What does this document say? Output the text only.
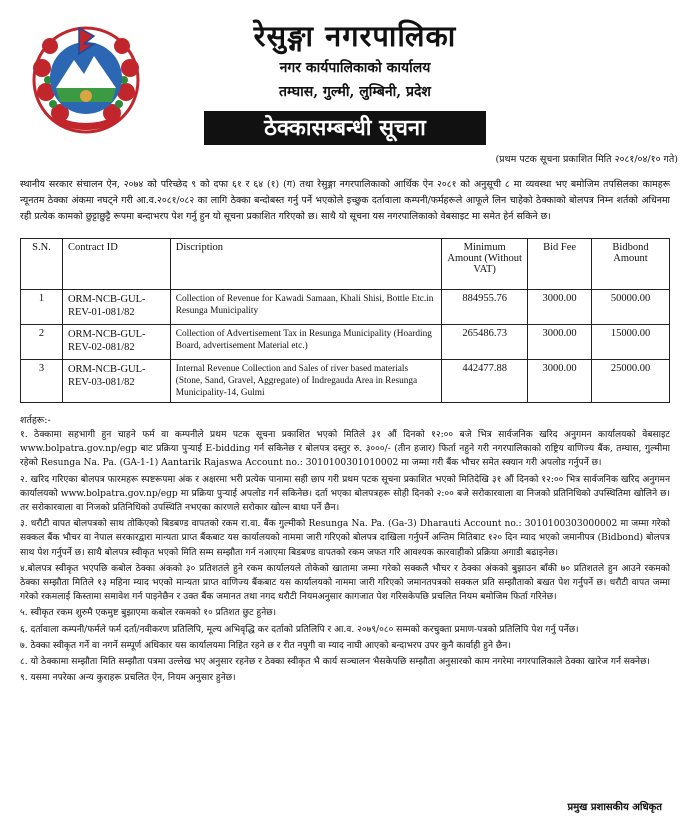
रेसुङ्गा नगरपालिका
नगर कार्यपालिकाको कार्यालय
तम्घास, गुल्मी, लुम्बिनी, प्रदेश
ठेक्कासम्बन्धी सूचना
(प्रथम पटक सूचना प्रकाशित मिति २०८१/०४/१० गते)

स्थानीय सरकार संचालन ऐन, २०७४ को परिच्छेद ९ को दफा ६१ र ६४ (१) (ग) तथा रेसुङ्गा नगरपालिकाको आर्थिक ऐन २०८१ को अनुसूची ८ मा व्यवस्था भए बमोजिम तपसिलका कामहरू न्यूनतम ठेक्का अंकमा नघट्ने गरी आ.व.२०८१/०८२ का लागि ठेक्का बन्दोबस्त गर्नु पर्ने भएकोले इच्छुक दर्तावाला कम्पनी/फर्महरूले आफूले लिन चाहेको ठेक्काको बोलपत्र निम्न शर्तको अधिनमा रही प्रत्येक कामको छुट्टाछुट्टै रूपमा बन्दाभरप पेश गर्नु हुन यो सूचना प्रकाशित गरिएको छ। साथै यो सूचना यस नगरपालिकाको वेबसाइट मा समेत हेर्न सकिने छ।

S.N.	Contract ID	Discription	Minimum Amount (Without VAT)	Bid Fee	Bidbond Amount
1	ORM-NCB-GUL-REV-01-081/82	Collection of Revenue for Kawadi Samaan, Khali Shisi, Bottle Etc.in Resunga Municipality	884955.76	3000.00	50000.00
2	ORM-NCB-GUL-REV-02-081/82	Collection of Advertisement Tax in Resunga Municipality (Hoarding Board, advertisement Material etc.)	265486.73	3000.00	15000.00
3	ORM-NCB-GUL-REV-03-081/82	Internal Revenue Collection and Sales of river based materials (Stone, Sand, Gravel, Aggregate) of Indregauda Area in Resunga Municipality-14, Gulmi	442477.88	3000.00	25000.00
शर्तहरू:-
१. ठेक्कामा सहभागी हुन चाहने फर्म वा कम्पनीले प्रथम पटक सूचना प्रकाशित भएको मितिले ३१ औं दिनको १२:०० बजे भित्र सार्वजनिक खरिद अनुगमन कार्यालयको वेबसाइट www.bolpatra.gov.np/egp बाट प्रक्रिया पुऱ्याई E-bidding गर्न सकिनेछ र बोलपत्र दस्तुर रु. ३०००/- (तीन हजार) फिर्ता नहुने गरी नगरपालिकाको राष्ट्रिय वाणिज्य बैंक, तम्घास, गुल्मीमा रहेको Resunga Na. Pa. (GA-1-1) Aantarik Rajaswa Account no.: 3010100301010002 मा जम्मा गरी बैंक भौचर समेत स्क्यान गरी अपलोड गर्नुपर्ने छ।
२. खरिद गरिएका बोलपत्र फारमहरू स्पष्टरूपमा अंक र अक्षरमा भरी प्रत्येक पानामा सही छाप गरी प्रथम पटक सूचना प्रकाशित भएको मितिदेखि ३१ औं दिनको १२:०० भित्र सार्वजनिक खरिद अनुगमन कार्यालयको www.bolpatra.gov.np/egp मा प्रक्रिया पुऱ्याई अपलोड गर्न सकिनेछ। दर्ता भएका बोलपत्रहरू सोही दिनको २:०० बजे सरोकारवाला वा निजको प्रतिनिधिको उपस्थितिमा खोलिने छ। तर सरोकारवाला वा निजको प्रतिनिधिको उपस्थिति नभएका कारणले सरोकार खोल्न बाधा पर्ने छैन।
३. धरौटी वापत बोलपत्रको साथ तोकिएको बिडबण्ड वापतको रकम रा.वा. बैंक गुल्मीको Resunga Na. Pa. (Ga-3) Dharauti Account no.: 3010100303000002 मा जम्मा गरेको सक्कल बैंक भौचर वा नेपाल सरकारद्वारा मान्यता प्राप्त बैंकबाट यस कार्यालयको नाममा जारी गरिएको बोलपत्र दाखिला गर्नुपर्ने अन्तिम मितिबाट १२० दिन म्याद भएको जमानीपत्र (Bidbond) बोलपत्र साथ पेश गर्नुपर्ने छ। साथै बोलपत्र स्वीकृत भएको मिति सम्म सम्झौता गर्न नआएमा बिडबण्ड वापतको रकम जफत गरि आवश्यक कारवाहीको प्रक्रिया अगाडी बढाइनेछ।
४.बोलपत्र स्वीकृत भएपछि कबोल ठेक्का अंकको ३० प्रतिशतले हुने रकम कार्यालयले तोकेको खातामा जम्मा गरेको सक्कलै भौचर र ठेक्का अंकको बुझाउन बाँकी ७० प्रतिशतले हुन आउने रकमको ठेक्का सम्झौता मितिले १३ महिना म्याद भएको मान्यता प्राप्त वाणिज्य बैंकबाट यस कार्यालयको नाममा जारी गरिएको जमानतपत्रको सक्कल प्रति सम्झौताको बखत पेश गर्नुपर्ने छ। धरौटी वापत जम्मा गरेको रकमलाई किस्तामा समावेश गर्न पाइनेछैन र उक्त बैंक जमानत तथा नगद धरौटी नियमअनुसार कागजात पेश गरिसकेपछि प्रचलित नियम बमोजिम फिर्ता गरिनेछ।
५. स्वीकृत रकम शुरुमै एकमुष्ट बुझाएमा कबोल रकमको १० प्रतिशत छुट हुनेछ।
६. दर्तावाला कम्पनी/फर्मले फर्म दर्ता/नवीकरण प्रतिलिपि, मूल्य अभिवृद्धि कर दर्ताको प्रतिलिपि र आ.व. २०७९/०८० सम्मको करचुक्ता प्रमाण-पत्रको प्रतिलिपि पेश गर्नु पर्नेछ।
७. ठेक्का स्वीकृत गर्ने वा नगर्ने सम्पूर्ण अधिकार यस कार्यालयमा निहित रहने छ र रीत नपुगी वा म्याद नाघी आएको बन्दाभरप उपर कुनै कार्वाही हुने छैन।
८. यो ठेक्कामा सम्झौता मिति सम्झौता पत्रमा उल्लेख भए अनुसार रहनेछ र ठेक्का स्वीकृत भै कार्य सञ्चालन भैसकेपछि सम्झौता अनुसारको काम नगरेमा नगरपालिकाले ठेक्का खारेज गर्न सक्नेछ।
९. यसमा नपरेका अन्य कुराहरू प्रचलित ऐन, नियम अनुसार हुनेछ।
प्रमुख प्रशासकीय अधिकृत
